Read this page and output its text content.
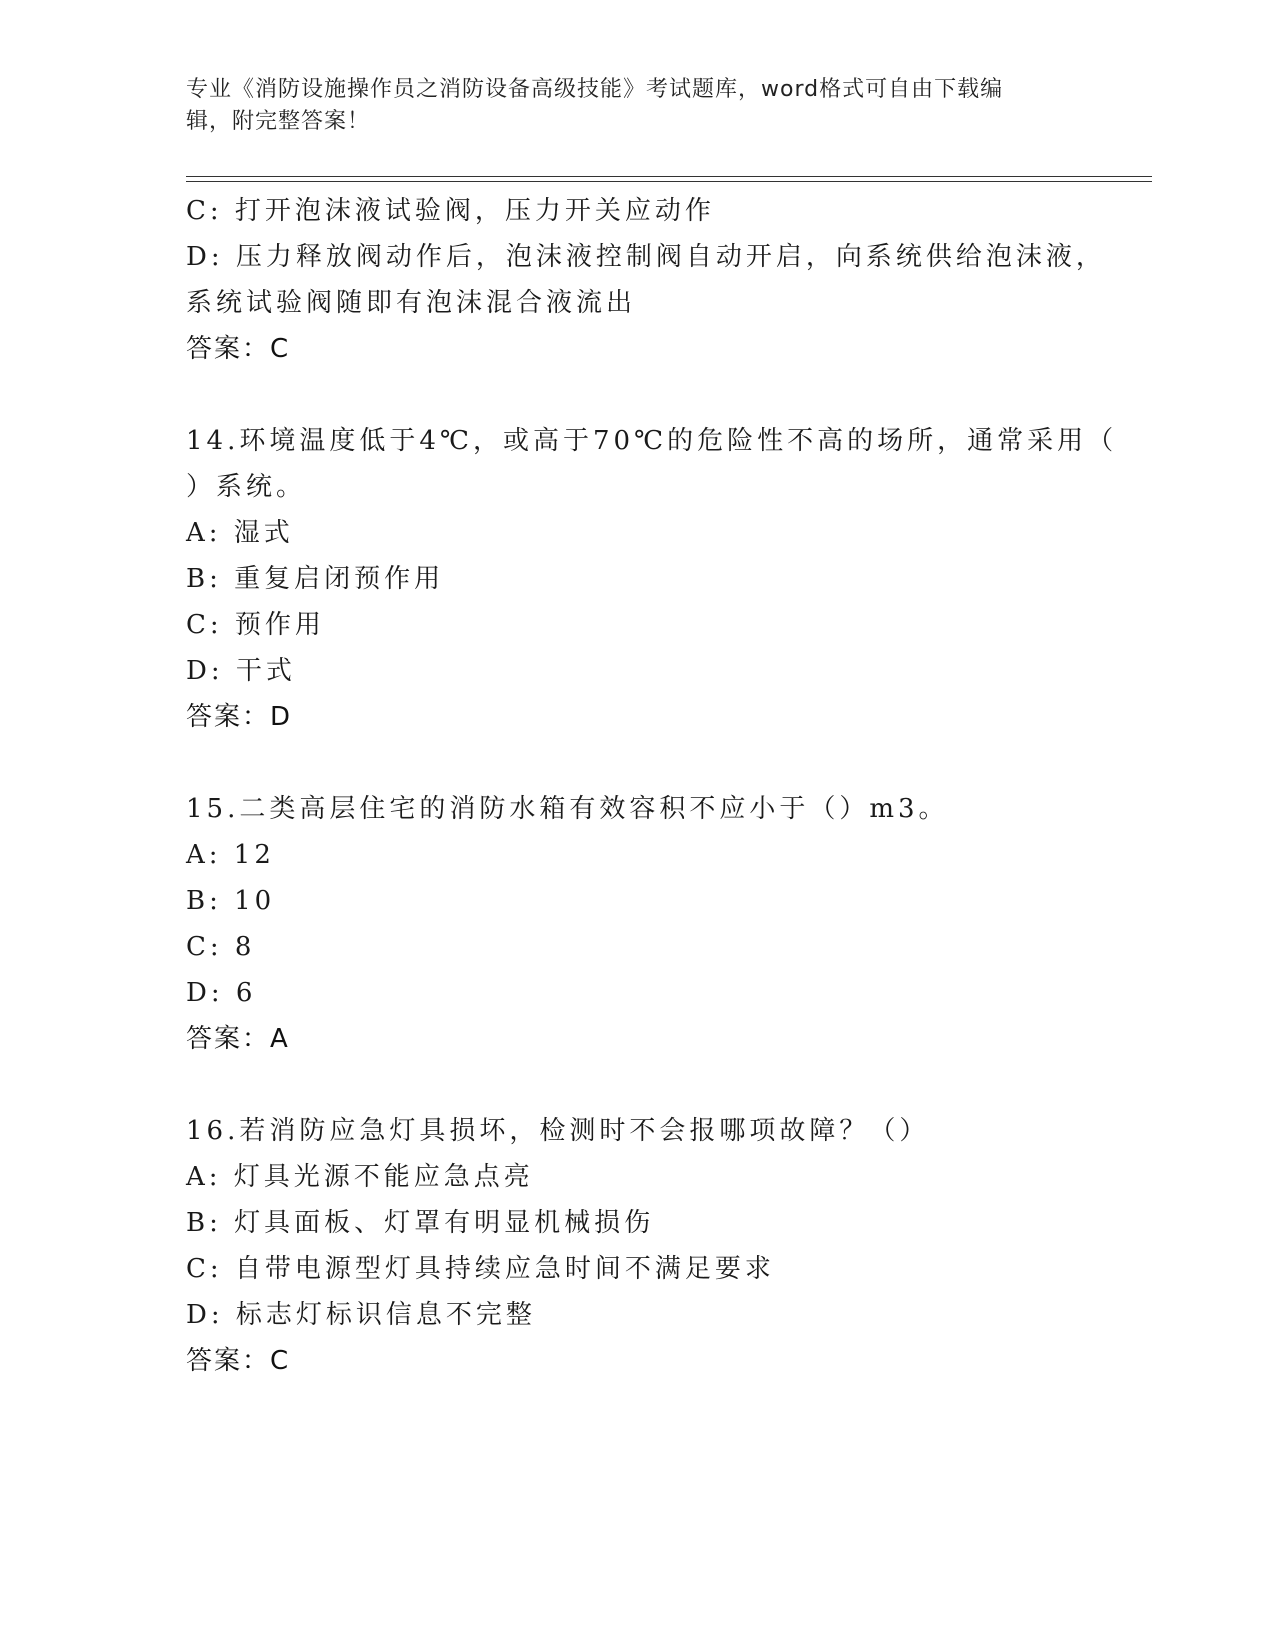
专业《消防设施操作员之消防设备高级技能》考试题库，word格式可自由下载编
辑，附完整答案！
C: 打开泡沫液试验阀，压力开关应动作
D: 压力释放阀动作后，泡沫液控制阀自动开启，向系统供给泡沫液，
系统试验阀随即有泡沫混合液流出
答案：C
14.环境温度低于4℃，或高于70℃的危险性不高的场所，通常采用（
）系统。
A: 湿式
B: 重复启闭预作用
C: 预作用
D: 干式
答案：D
15.二类高层住宅的消防水箱有效容积不应小于（）m3。
A: 12
B: 10
C: 8
D: 6
答案：A
16.若消防应急灯具损坏，检测时不会报哪项故障？（）
A: 灯具光源不能应急点亮
B: 灯具面板、灯罩有明显机械损伤
C: 自带电源型灯具持续应急时间不满足要求
D: 标志灯标识信息不完整
答案：C
